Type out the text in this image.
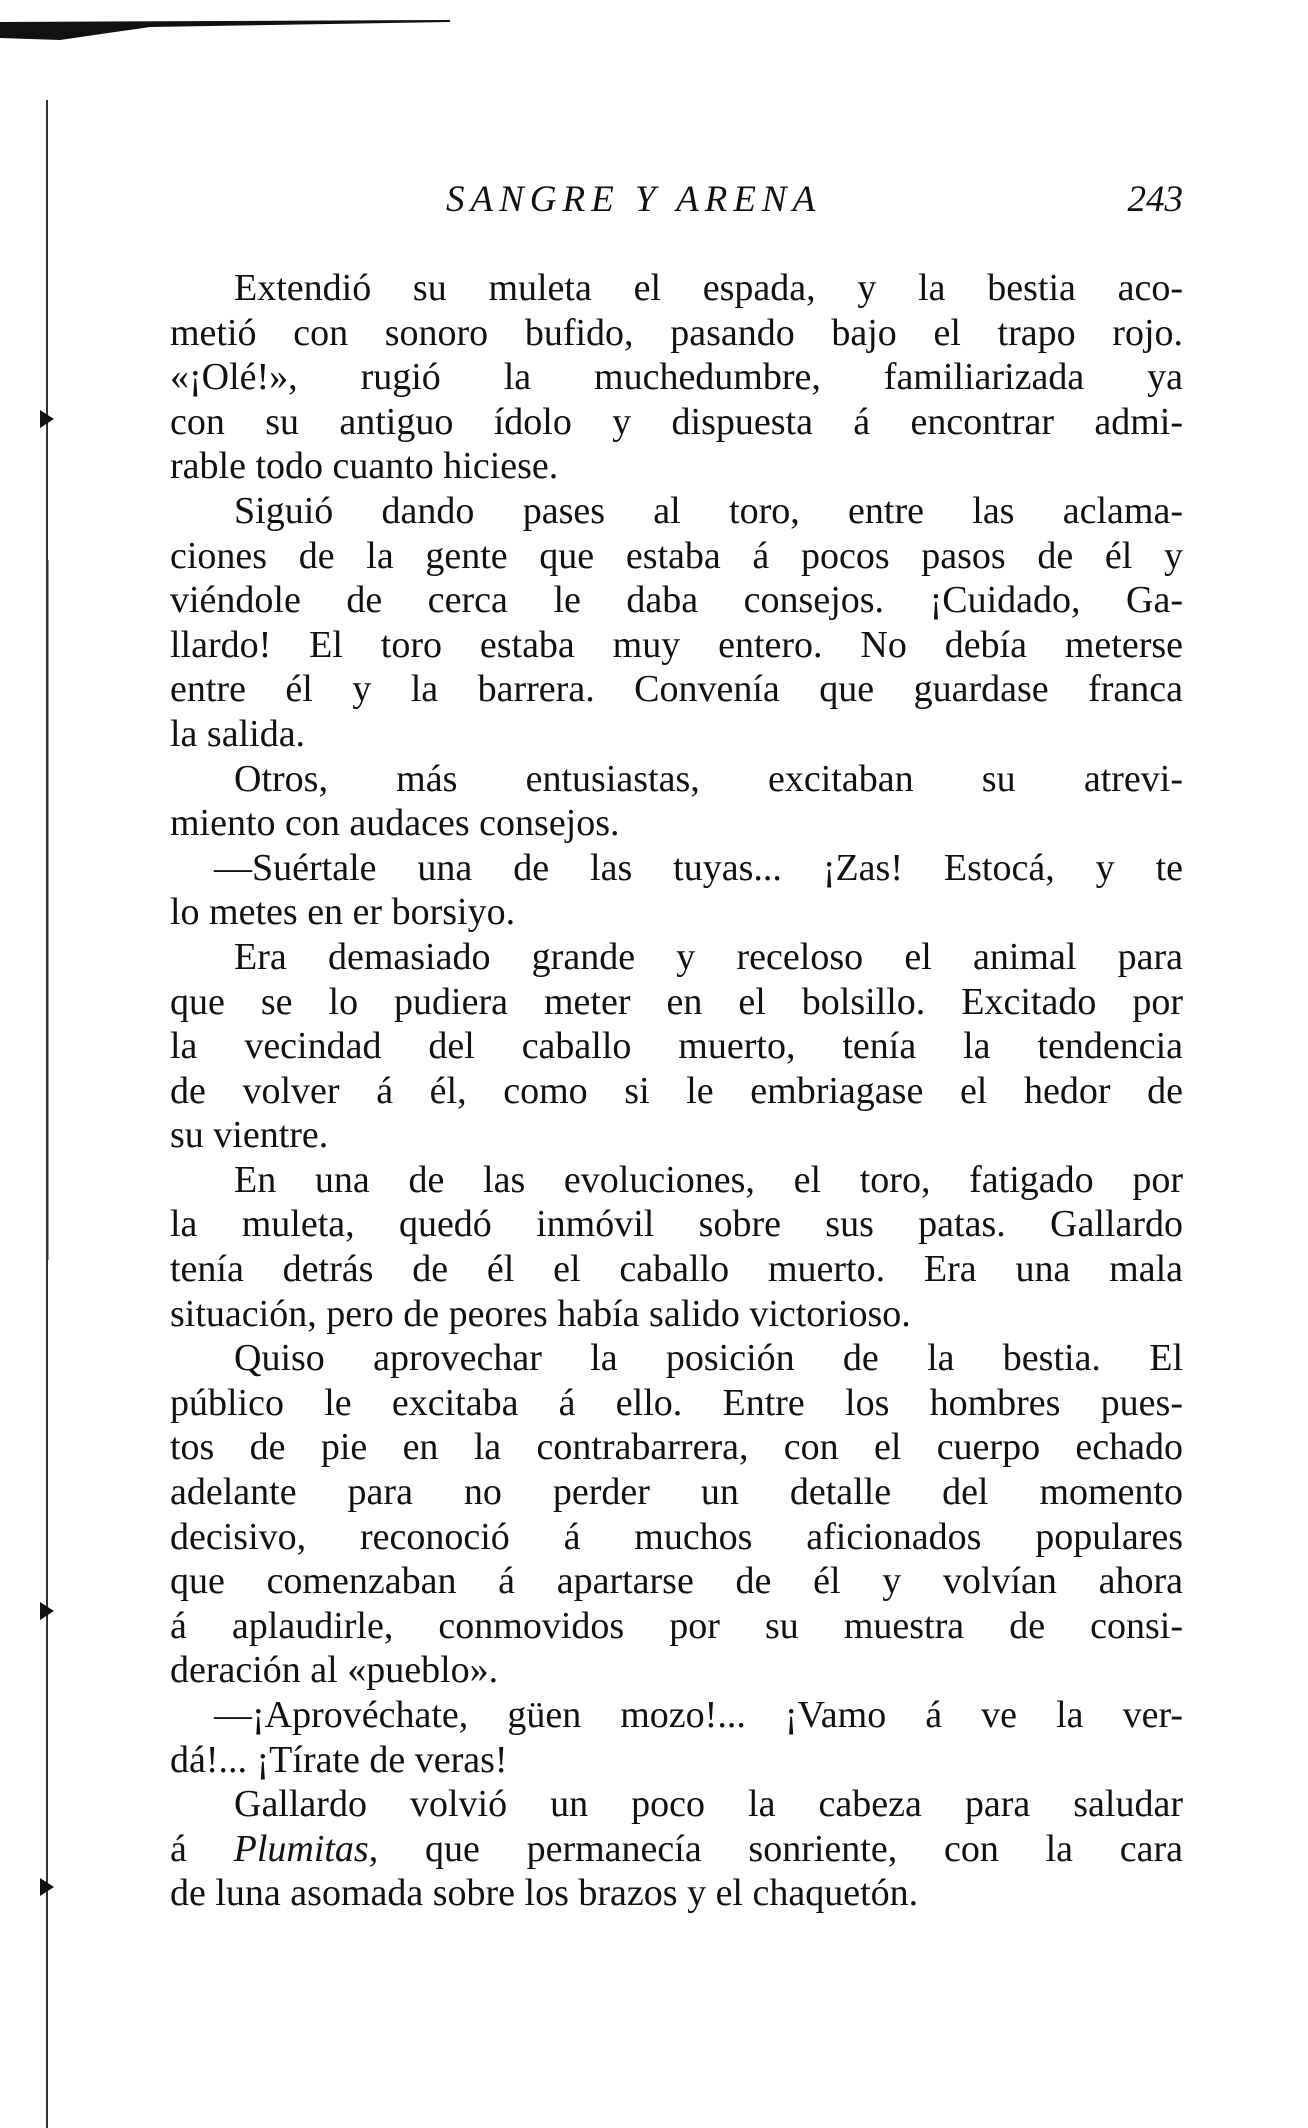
SANGRE Y ARENA	243
Extendió su muleta el espada, y la bestia aco-
metió con sonoro bufido, pasando bajo el trapo rojo.
«¡Olé!», rugió la muchedumbre, familiarizada ya
con su antiguo ídolo y dispuesta á encontrar admi-
rable todo cuanto hiciese.
Siguió dando pases al toro, entre las aclama-
ciones de la gente que estaba á pocos pasos de él y
viéndole de cerca le daba consejos. ¡Cuidado, Ga-
llardo! El toro estaba muy entero. No debía meterse
entre él y la barrera. Convenía que guardase franca
la salida.
Otros, más entusiastas, excitaban su atrevi-
miento con audaces consejos.
—Suértale una de las tuyas... ¡Zas! Estocá, y te
lo metes en er borsiyo.
Era demasiado grande y receloso el animal para
que se lo pudiera meter en el bolsillo. Excitado por
la vecindad del caballo muerto, tenía la tendencia
de volver á él, como si le embriagase el hedor de
su vientre.
En una de las evoluciones, el toro, fatigado por
la muleta, quedó inmóvil sobre sus patas. Gallardo
tenía detrás de él el caballo muerto. Era una mala
situación, pero de peores había salido victorioso.
Quiso aprovechar la posición de la bestia. El
público le excitaba á ello. Entre los hombres pues-
tos de pie en la contrabarrera, con el cuerpo echado
adelante para no perder un detalle del momento
decisivo, reconoció á muchos aficionados populares
que comenzaban á apartarse de él y volvían ahora
á aplaudirle, conmovidos por su muestra de consi-
deración al «pueblo».
—¡Aprovéchate, güen mozo!... ¡Vamo á ve la ver-
dá!... ¡Tírate de veras!
Gallardo volvió un poco la cabeza para saludar
á Plumitas, que permanecía sonriente, con la cara
de luna asomada sobre los brazos y el chaquetón.
